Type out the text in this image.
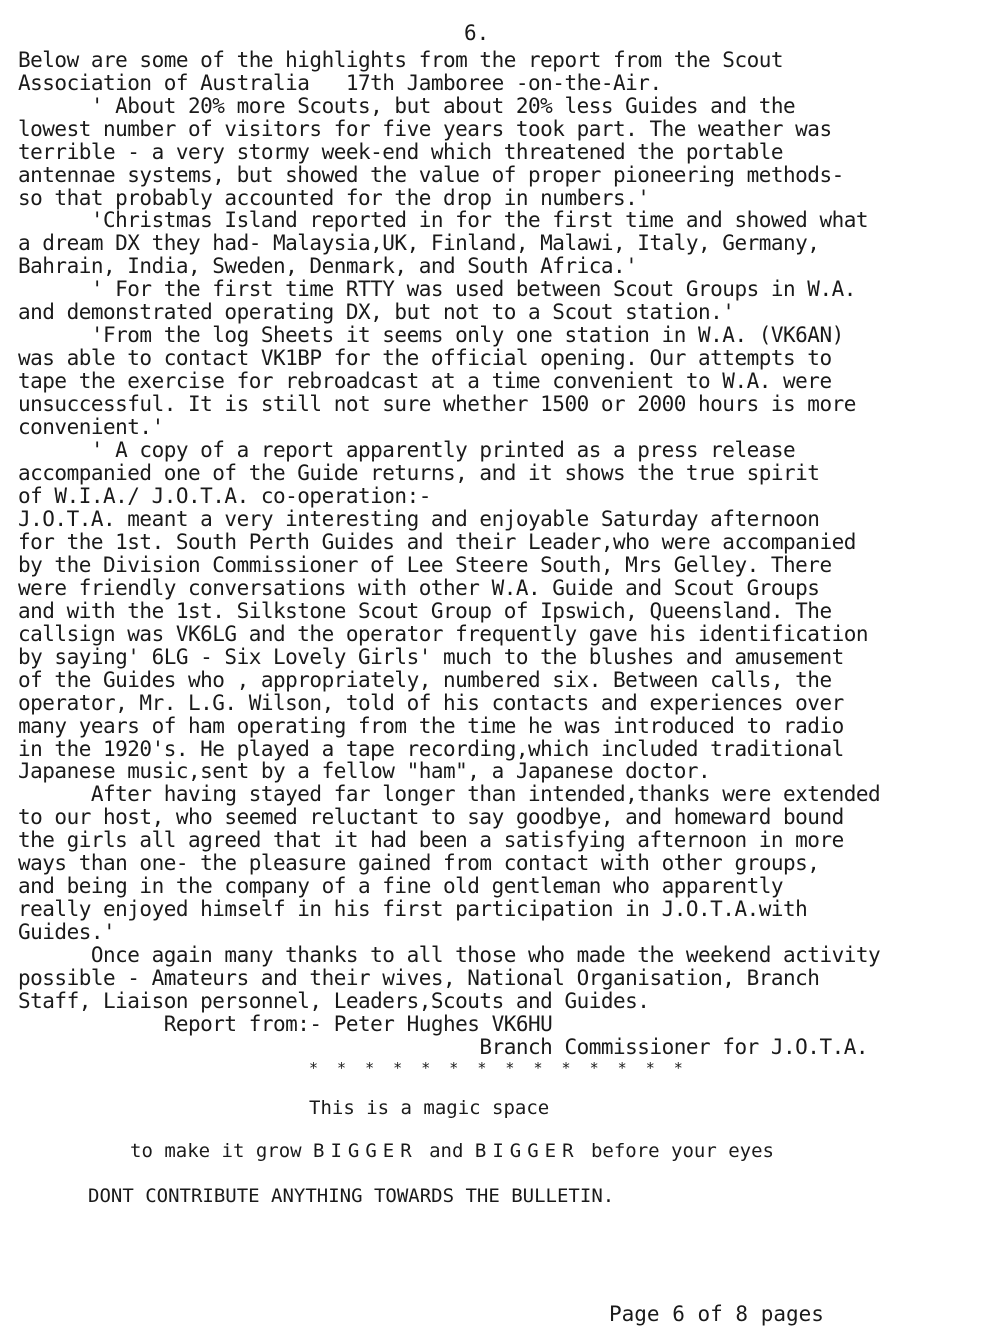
6.
Below are some of the highlights from the report from the Scout
Association of Australia   17th Jamboree -on-the-Air.
' About 20% more Scouts, but about 20% less Guides and the
lowest number of visitors for five years took part. The weather was
terrible - a very stormy week-end which threatened the portable
antennae systems, but showed the value of proper pioneering methods-
so that probably accounted for the drop in numbers.'
'Christmas Island reported in for the first time and showed what
a dream DX they had- Malaysia,UK, Finland, Malawi, Italy, Germany,
Bahrain, India, Sweden, Denmark, and South Africa.'
' For the first time RTTY was used between Scout Groups in W.A.
and demonstrated operating DX, but not to a Scout station.'
'From the log Sheets it seems only one station in W.A. (VK6AN)
was able to contact VK1BP for the official opening. Our attempts to
tape the exercise for rebroadcast at a time convenient to W.A. were
unsuccessful. It is still not sure whether 1500 or 2000 hours is more
convenient.'
' A copy of a report apparently printed as a press release
accompanied one of the Guide returns, and it shows the true spirit
of W.I.A./ J.O.T.A. co-operation:-
J.O.T.A. meant a very interesting and enjoyable Saturday afternoon
for the 1st. South Perth Guides and their Leader,who were accompanied
by the Division Commissioner of Lee Steere South, Mrs Gelley. There
were friendly conversations with other W.A. Guide and Scout Groups
and with the 1st. Silkstone Scout Group of Ipswich, Queensland. The
callsign was VK6LG and the operator frequently gave his identification
by saying' 6LG - Six Lovely Girls' much to the blushes and amusement
of the Guides who , appropriately, numbered six. Between calls, the
operator, Mr. L.G. Wilson, told of his contacts and experiences over
many years of ham operating from the time he was introduced to radio
in the 1920's. He played a tape recording,which included traditional
Japanese music,sent by a fellow "ham", a Japanese doctor.
After having stayed far longer than intended,thanks were extended
to our host, who seemed reluctant to say goodbye, and homeward bound
the girls all agreed that it had been a satisfying afternoon in more
ways than one- the pleasure gained from contact with other groups,
and being in the company of a fine old gentleman who apparently
really enjoyed himself in his first participation in J.O.T.A.with
Guides.'
Once again many thanks to all those who made the weekend activity
possible - Amateurs and their wives, National Organisation, Branch
Staff, Liaison personnel, Leaders,Scouts and Guides.
Report from:- Peter Hughes VK6HU
Branch Commissioner for J.O.T.A.
* * * * * * * * * * * * * *
This is a magic space
to make it grow BIGGER and BIGGER before your eyes
DONT CONTRIBUTE ANYTHING TOWARDS THE BULLETIN.
Page 6 of 8 pages
